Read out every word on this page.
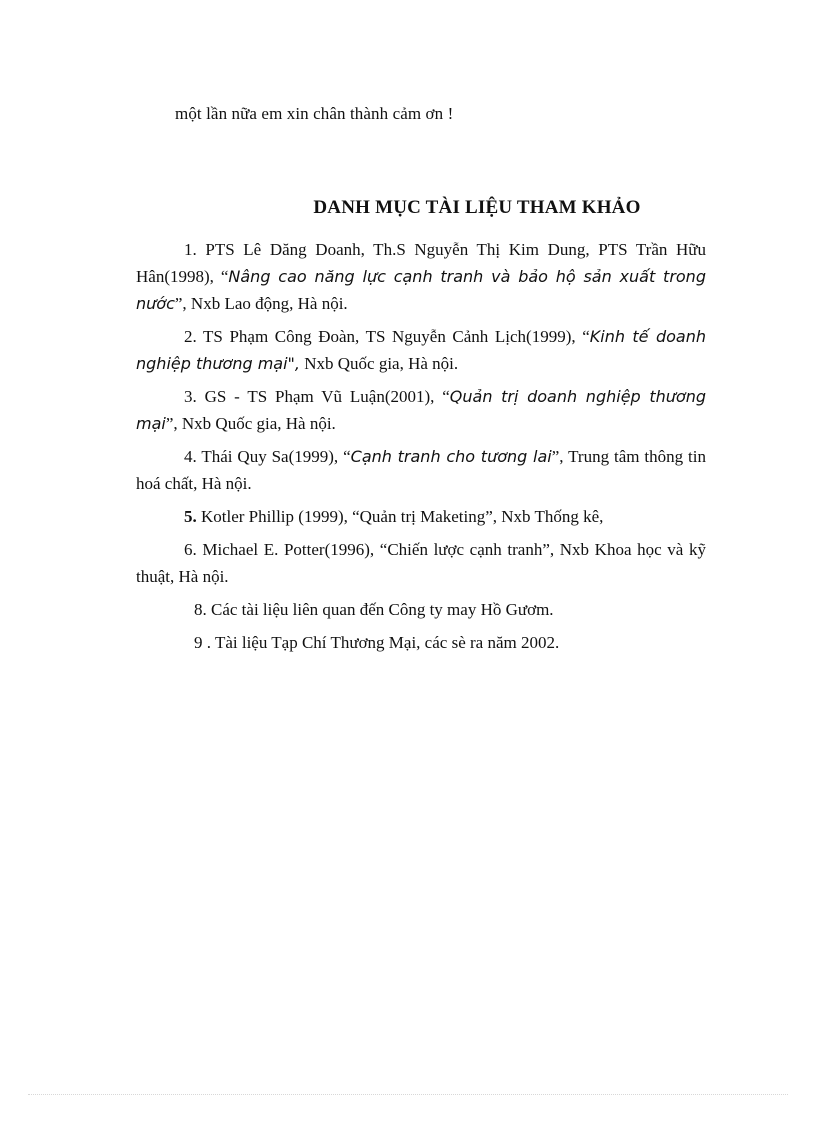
một lần nữa em xin chân thành cảm ơn !
DANH MỤC TÀI LIỆU THAM KHẢO

1. PTS Lê Dăng Doanh, Th.S Nguyễn Thị Kim Dung, PTS Trần Hữu Hân(1998), “Nâng cao năng lực cạnh tranh và bảo hộ sản xuất trong nước”, Nxb Lao động, Hà nội.

2. TS Phạm Công Đoàn, TS Nguyễn Cảnh Lịch(1999), “Kinh tế doanh nghiệp thương mại", Nxb Quốc gia, Hà nội.

3. GS - TS Phạm Vũ Luận(2001), “Quản trị doanh nghiệp thương mại”, Nxb Quốc gia, Hà nội.

4. Thái Quy Sa(1999), “Cạnh tranh cho tương lai”, Trung tâm thông tin hoá chất, Hà nội.

5. Kotler Phillip (1999), “Quản trị Maketing”, Nxb Thống kê,

6. Michael E. Potter(1996), “Chiến lược cạnh tranh”, Nxb Khoa học và kỹ thuật, Hà nội.

8. Các tài liệu liên quan đến Công ty may Hồ Gươm.

9 . Tài liệu Tạp Chí Thương Mại, các sè ra năm 2002.
